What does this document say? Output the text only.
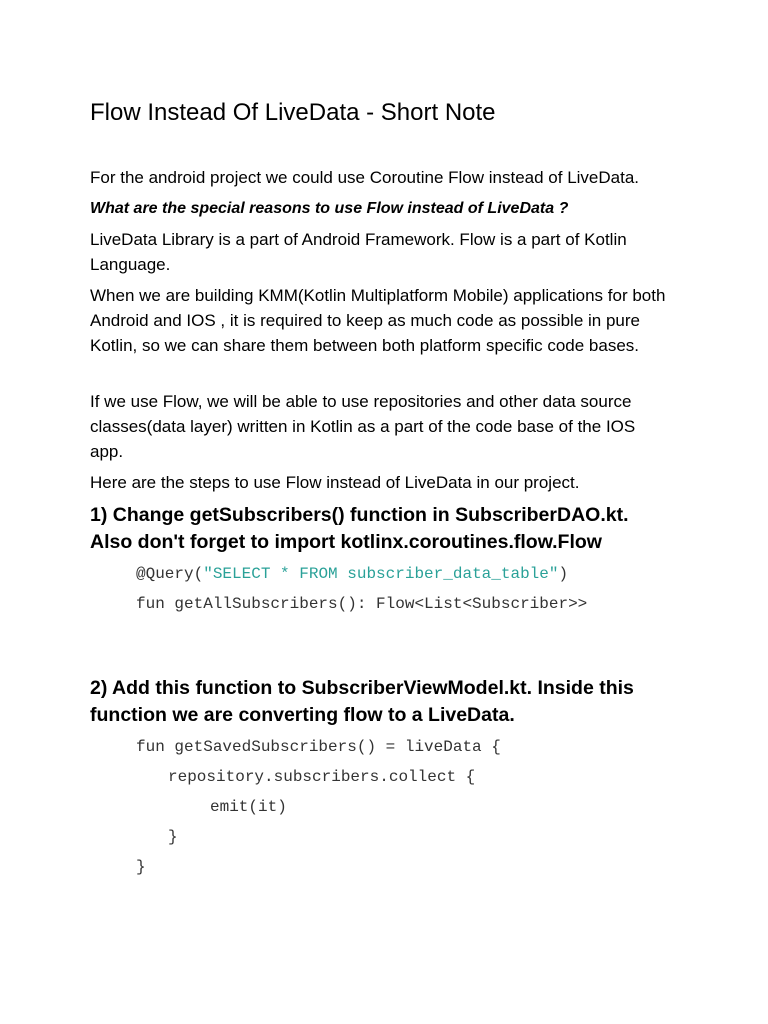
Flow Instead Of LiveData - Short Note

For the android project we could use Coroutine Flow instead of LiveData.

What are the special reasons to use Flow instead of LiveData ?

LiveData Library is a part of Android Framework. Flow is a part of Kotlin Language.

When we are building KMM(Kotlin Multiplatform Mobile) applications for both Android and IOS , it is required to keep as much code as possible in pure Kotlin, so we can share them between both platform specific code bases.

If we use Flow, we will be able to use repositories and other data source classes(data layer) written in Kotlin as a part of the code base of the IOS app.

Here are the steps to use Flow instead of LiveData in our project.

1) Change getSubscribers() function in SubscriberDAO.kt. Also don't forget to import kotlinx.coroutines.flow.Flow
@Query("SELECT * FROM subscriber_data_table")
fun getAllSubscribers(): Flow<List<Subscriber>>
2) Add this function to SubscriberViewModel.kt. Inside this function we are converting flow to a LiveData.
fun getSavedSubscribers() = liveData {
repository.subscribers.collect {
emit(it)
}
}
